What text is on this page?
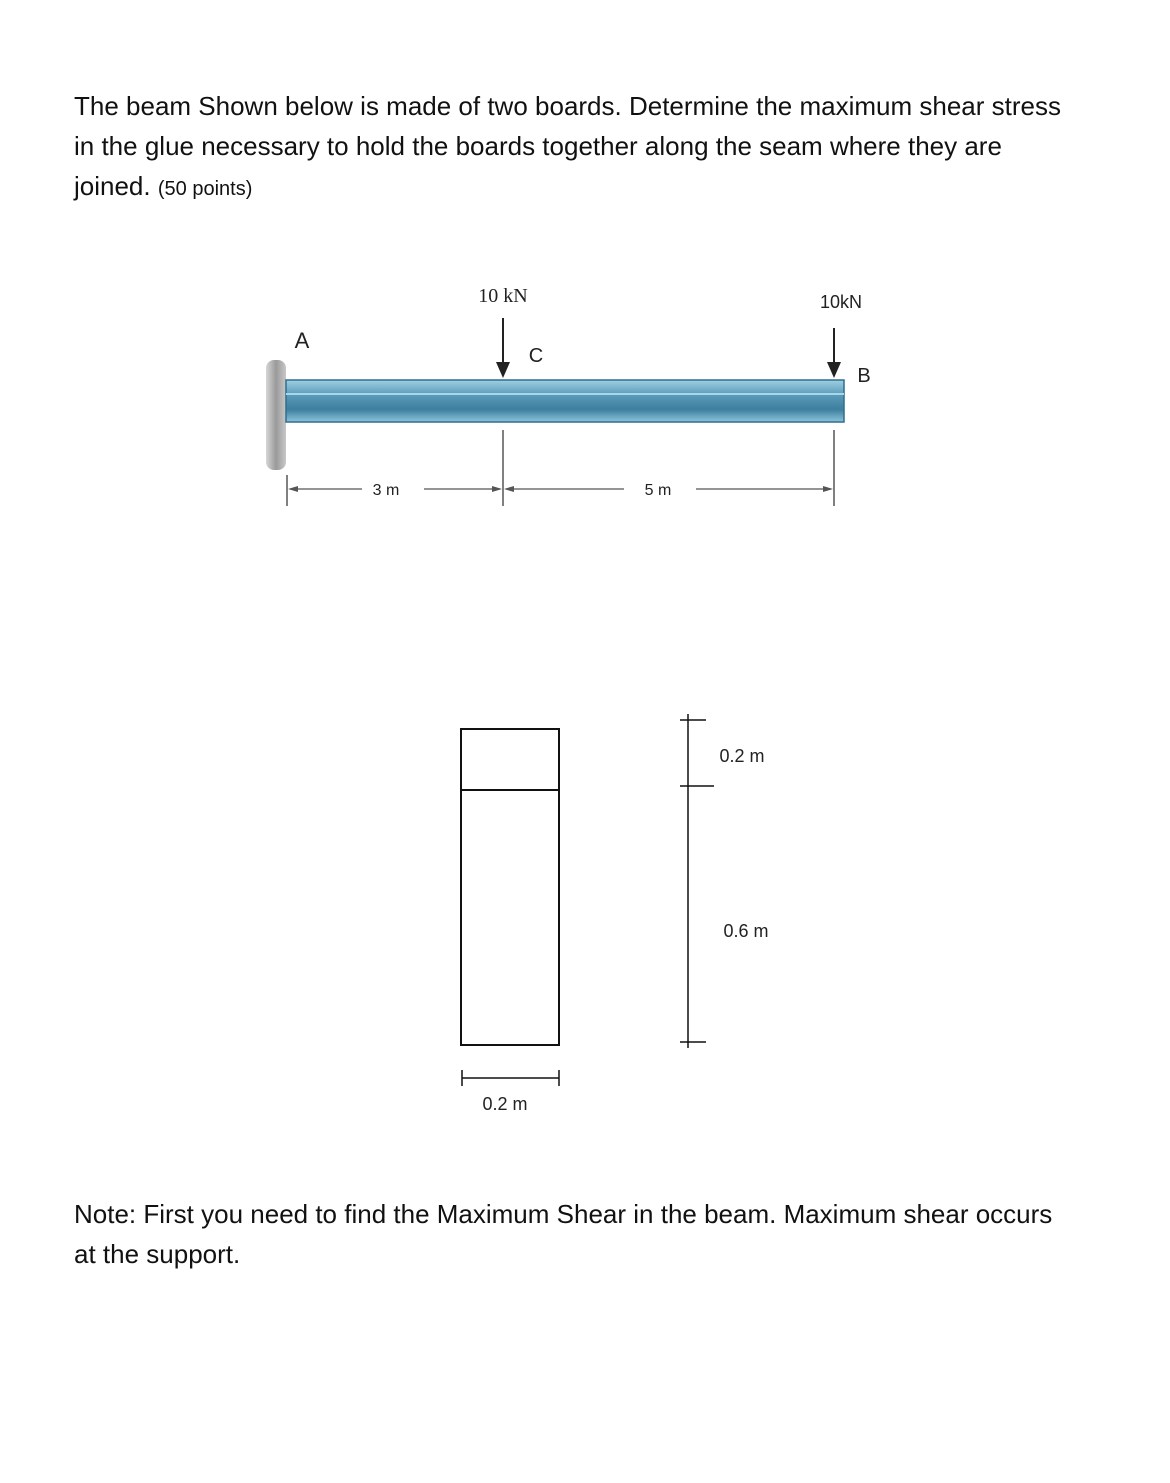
The beam Shown below is made of two boards. Determine the maximum shear stress in the glue necessary to hold the boards together along the seam where they are joined. (50 points)
A
10 kN
C
10kN
B
3 m	5 m
0.2 m
0.6 m
0.2 m
Note: First you need to find the Maximum Shear in the beam. Maximum shear occurs at the support.
